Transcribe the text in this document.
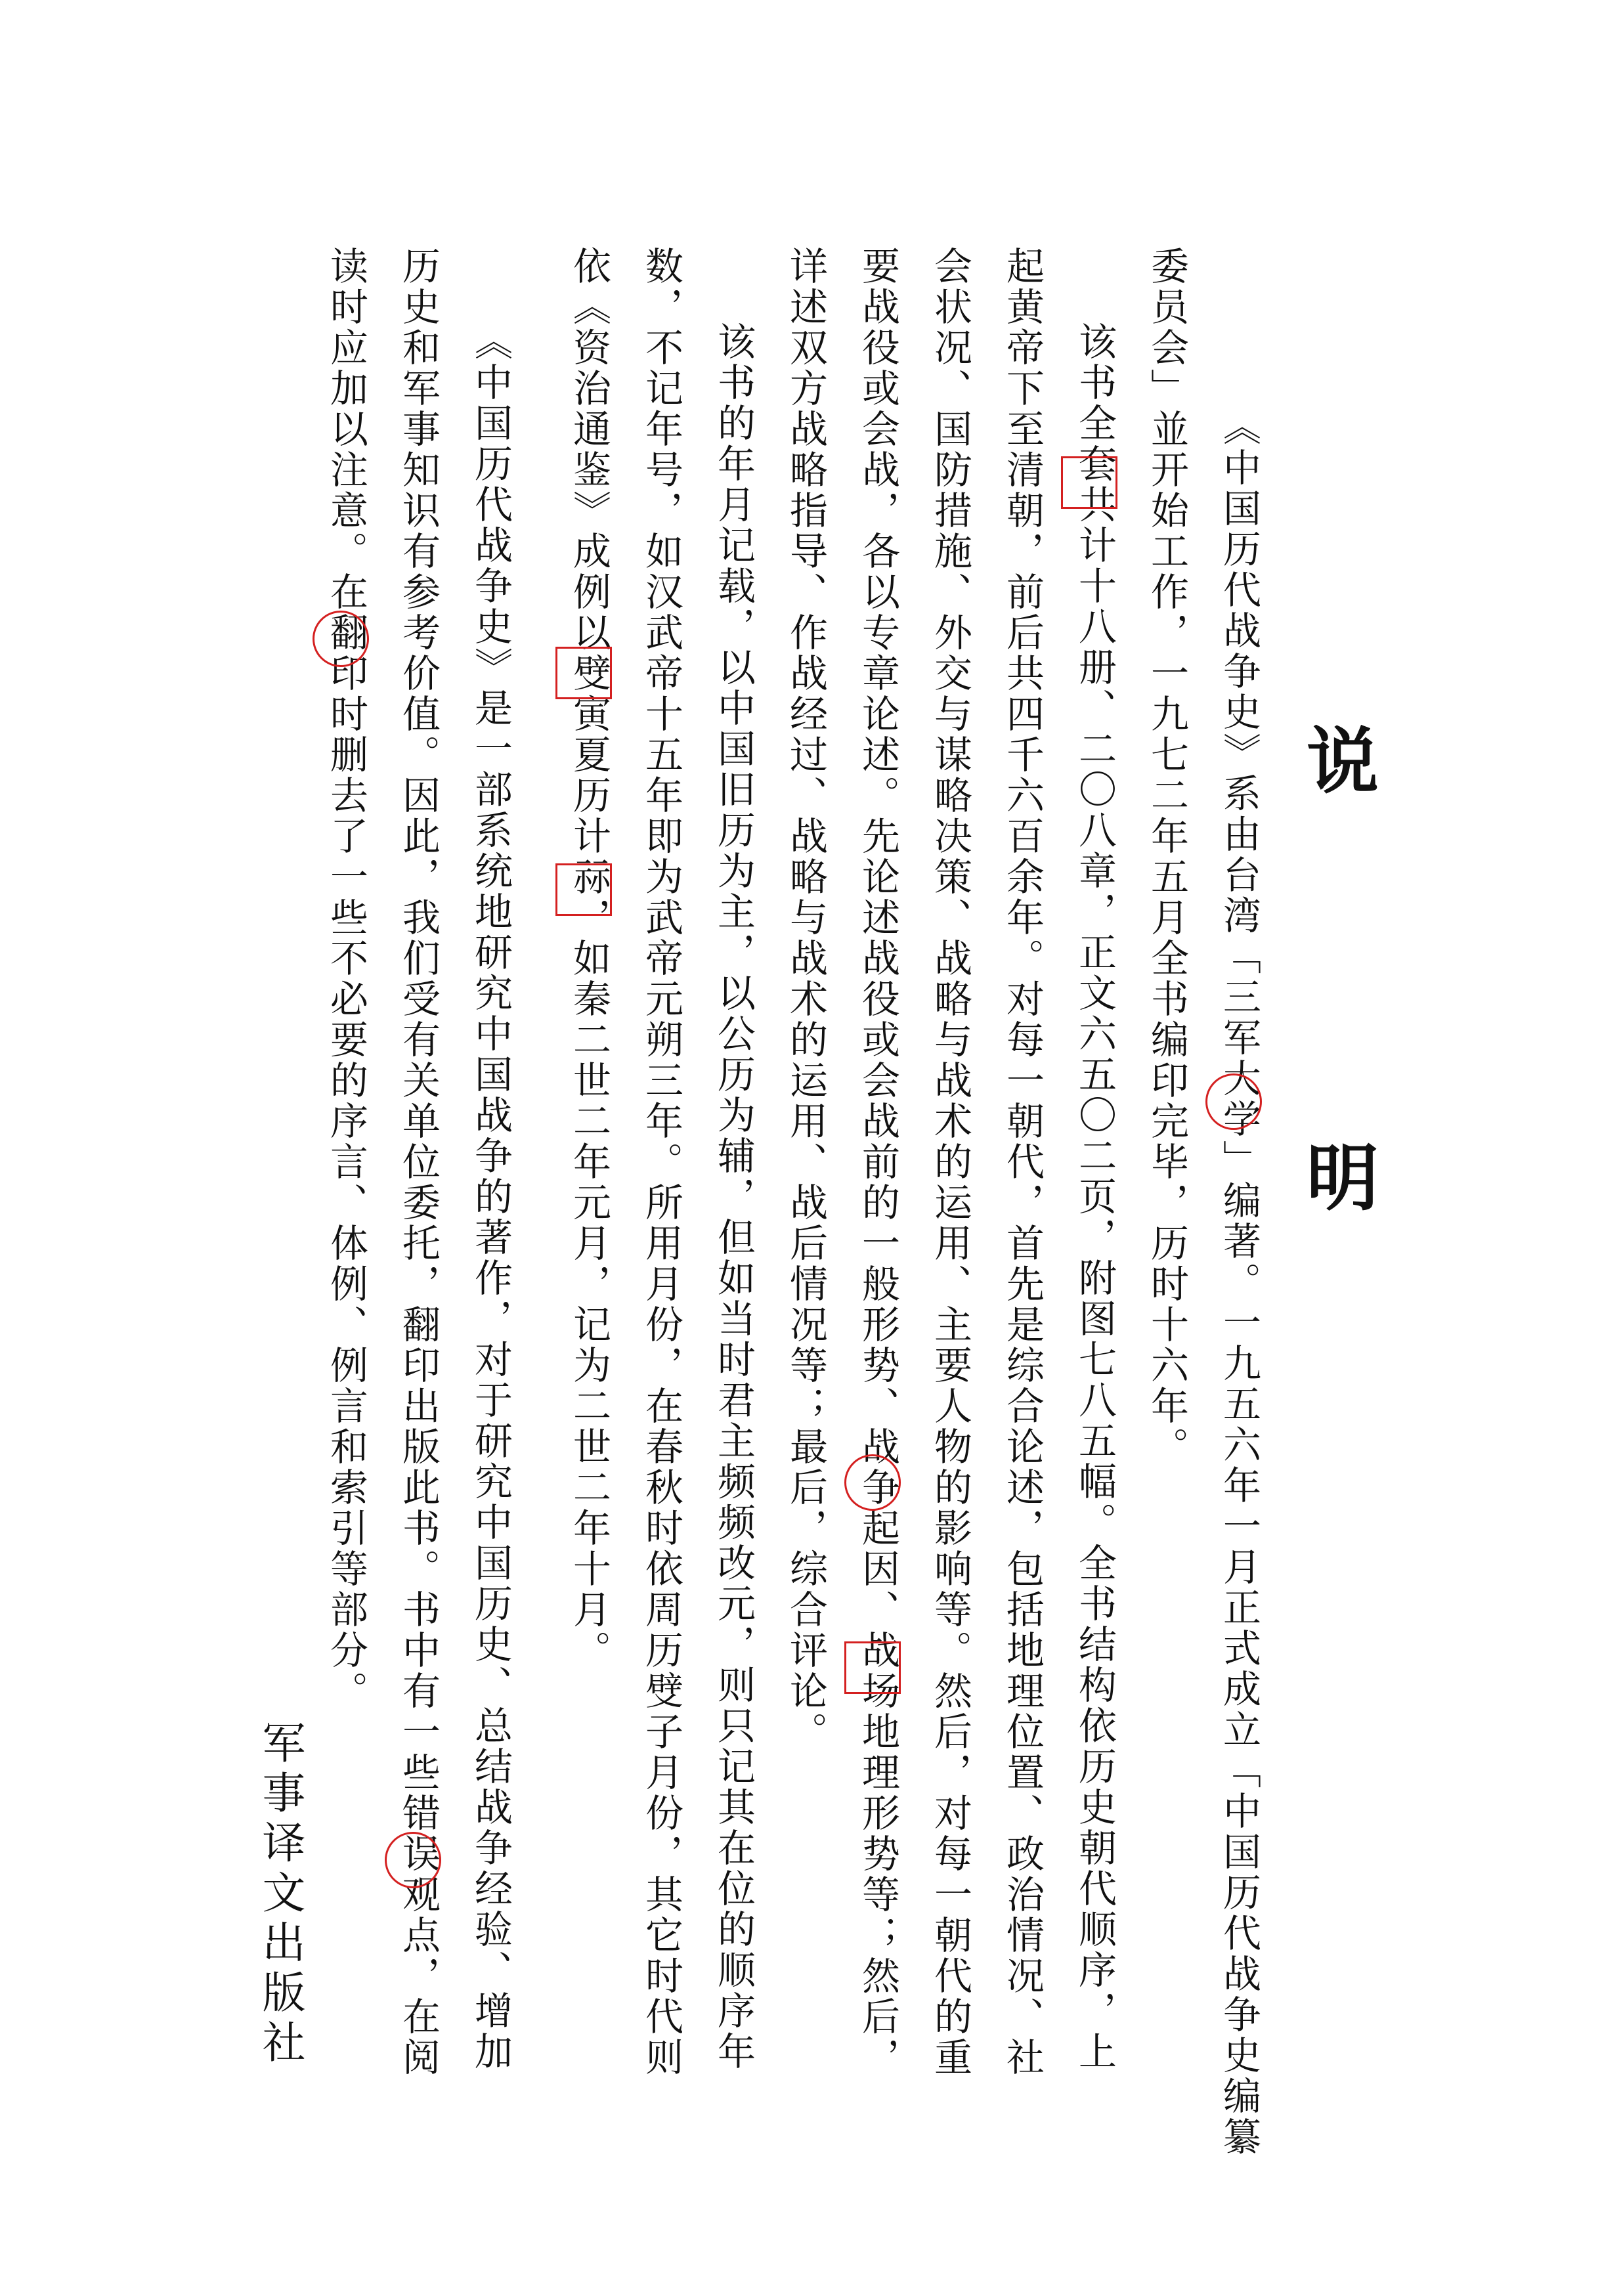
说
明
《中国历代战争史》系由台湾「三军大学」编著。一九五六年一月正式成立「中国历代战争史编纂
委员会」並开始工作，一九七二年五月全书编印完毕，历时十六年。
该书全套共计十八册、二〇八章，正文六五〇二页，附图七八五幅。全书结构依历史朝代顺序，上
起黄帝下至清朝，前后共四千六百余年。对每一朝代，首先是综合论述，包括地理位置、政治情况、社
会状况、国防措施、外交与谋略决策、战略与战术的运用、主要人物的影响等。然后，对每一朝代的重
要战役或会战，各以专章论述。先论述战役或会战前的一般形势、战争起因、战场地理形势等；然后，
详述双方战略指导、作战经过、战略与战术的运用、战后情况等；最后，综合评论。
该书的年月记载，以中国旧历为主，以公历为辅，但如当时君主频频改元，则只记其在位的顺序年
数，不记年号，如汉武帝十五年即为武帝元朔三年。所用月份，在春秋时依周历䢃子月份，其它时代则
依《资治通鉴》成例以䢃寅夏历计祘，如秦二世二年元月，记为二世二年十月。
《中国历代战争史》是一部系统地研究中国战争的著作，对于研究中国历史、总结战争经验、增加
历史和军事知识有参考价值。因此，我们受有关单位委托，翻印出版此书。书中有一些错误观点，在阅
读时应加以注意。在翻印时删去了一些不必要的序言、体例、例言和索引等部分。
军事译文出版社
